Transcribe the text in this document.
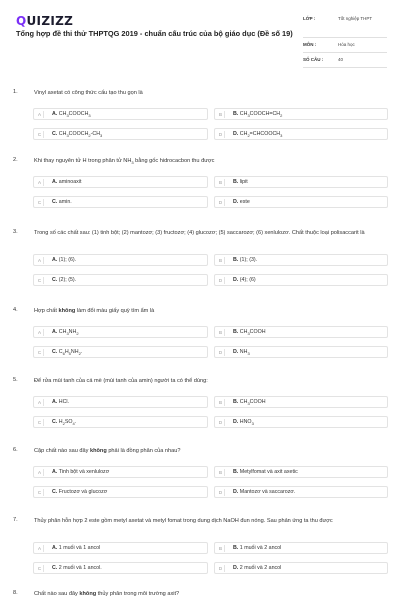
QUIZIZZ
Tổng hợp đề thi thử THPTQG 2019 - chuẩn cấu trúc của bộ giáo dục (Đề số 19)
LỚP :	Tốt nghiệp THPT
MÔN :	Hóa học
SỐ CÂU :	40
1.	Vinyl axetat có công thức cấu tạo thu gọn là
A	A. $CH_3COOCH_3$	B	B. $CH_3COOCH=CH_2$
C	C. $CH_3COOCH_2-CH_3$	D	D. $CH_2=CHCOOCH_3$
2.	Khi thay nguyên tử H trong phân tử $NH_3$ bằng gốc hidrocacbon thu được
A	A. aminoaxit	B	B. lipit
C	C. amin.	D	D. este
3.	Trong số các chất sau: (1) tinh bột; (2) mantozơ; (3) fructozơ; (4) glucozơ; (5) saccarozơ; (6) xenlulozơ. Chất thuộc loại polisaccarit là
A	A. (1); (6).	B	B. (1); (3).
C	C. (2); (5).	D	D. (4); (6)
4.	Hợp chất không làm đổi màu giấy quỳ tím ẩm là
A	A. $CH_3NH_2$	B	B. $CH_3COOH$
C	C. $C_6H_5NH_2$.	D	D. $NH_3$
5.	Để rửa mùi tanh của cá mè (mùi tanh của amin) người ta có thể dùng:
A	A. HCl.	B	B. $CH_3COOH$
C	C. $H_2SO_4$.	D	D. $HNO_3$
6.	Cặp chất nào sau đây không phải là đồng phân của nhau?
A	A. Tinh bột và xenlulozơ	B	B. Metylfomat và axit axetic
C	C. Fructozơ và glucozơ	D	D. Mantozơ và saccarozơ.
7.	Thủy phân hỗn hợp 2 este gồm metyl axetat và metyl fomat trong dung dịch NaOH đun nóng. Sau phản ứng ta thu được
A	A. 1 muối và 1 ancol	B	B. 1 muối và 2 ancol
C	C. 2 muối và 1 ancol.	D	D. 2 muối và 2 ancol
8.	Chất nào sau đây không thủy phân trong môi trường axit?
